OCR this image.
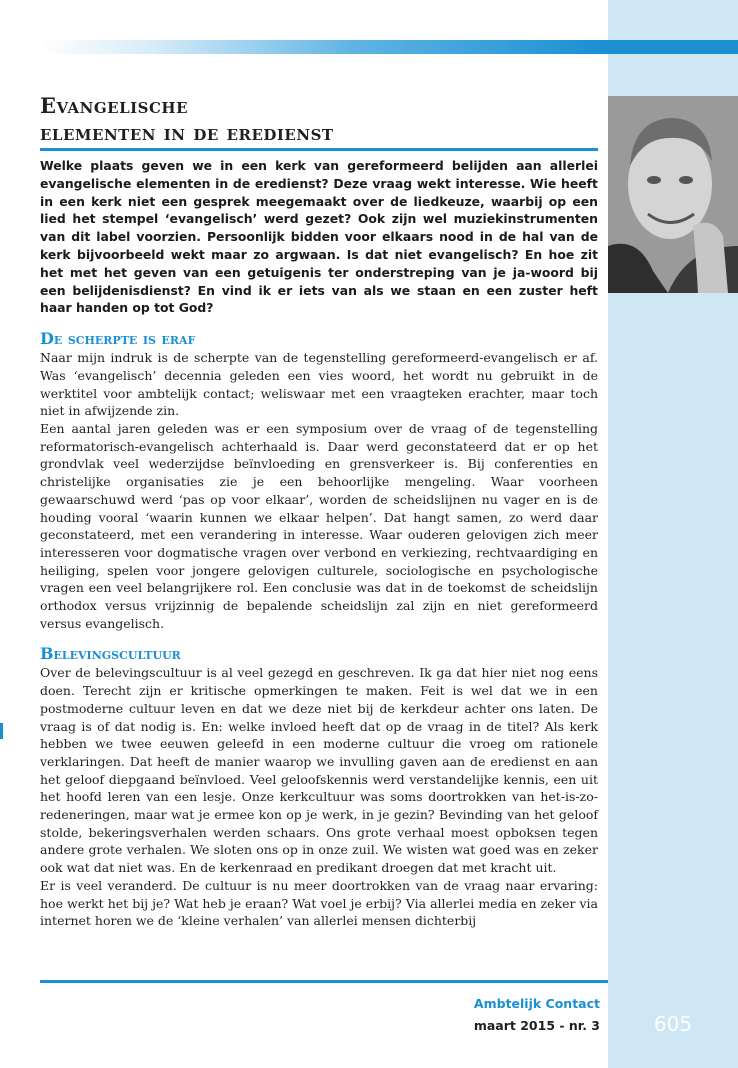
Evangelische
elementen in de eredienst

Welke plaats geven we in een kerk van gereformeerd belijden aan allerlei evangelische elementen in de eredienst? Deze vraag wekt interesse. Wie heeft in een kerk niet een gesprek meegemaakt over de liedkeuze, waarbij op een lied het stempel ‘evangelisch’ werd gezet? Ook zijn wel muziekinstrumenten van dit label voorzien. Persoonlijk bidden voor elkaars nood in de hal van de kerk bijvoorbeeld wekt maar zo argwaan. Is dat niet evangelisch? En hoe zit het met het geven van een getuigenis ter onderstreping van je ja-woord bij een belijdenisdienst? En vind ik er iets van als we staan en een zuster heft haar handen op tot God?

De scherpte is eraf

Naar mijn indruk is de scherpte van de tegenstelling gereformeerd-evangelisch er af. Was ‘evangelisch’ decennia geleden een vies woord, het wordt nu gebruikt in de werktitel voor ambtelijk contact; weliswaar met een vraagteken erachter, maar toch niet in afwijzende zin.

Een aantal jaren geleden was er een symposium over de vraag of de tegenstelling reformatorisch-evangelisch achterhaald is. Daar werd geconstateerd dat er op het grondvlak veel wederzijdse beïnvloeding en grensverkeer is. Bij conferenties en christelijke organisaties zie je een behoorlijke mengeling. Waar voorheen gewaarschuwd werd ‘pas op voor elkaar’, worden de scheidslijnen nu vager en is de houding vooral ‘waarin kunnen we elkaar helpen’. Dat hangt samen, zo werd daar geconstateerd, met een verandering in interesse. Waar ouderen gelovigen zich meer interesseren voor dogmatische vragen over verbond en verkiezing, rechtvaardiging en heiliging, spelen voor jongere gelovigen culturele, sociologische en psychologische vragen een veel belangrijkere rol. Een conclusie was dat in de toekomst de scheidslijn orthodox versus vrijzinnig de bepalende scheidslijn zal zijn en niet gereformeerd versus evangelisch.

Belevingscultuur

Over de belevingscultuur is al veel gezegd en geschreven. Ik ga dat hier niet nog eens doen. Terecht zijn er kritische opmerkingen te maken. Feit is wel dat we in een postmoderne cultuur leven en dat we deze niet bij de kerkdeur achter ons laten. De vraag is of dat nodig is. En: welke invloed heeft dat op de vraag in de titel? Als kerk hebben we twee eeuwen geleefd in een moderne cultuur die vroeg om rationele verklaringen. Dat heeft de manier waarop we invulling gaven aan de eredienst en aan het geloof diepgaand beïnvloed. Veel geloofskennis werd verstandelijke kennis, een uit het hoofd leren van een lesje. Onze kerkcultuur was soms doortrokken van het-is-zo-redeneringen, maar wat je ermee kon op je werk, in je gezin? Bevinding van het geloof stolde, bekeringsverhalen werden schaars. Ons grote verhaal moest opboksen tegen andere grote verhalen. We sloten ons op in onze zuil. We wisten wat goed was en zeker ook wat dat niet was. En de kerkenraad en predikant droegen dat met kracht uit.

Er is veel veranderd. De cultuur is nu meer doortrokken van de vraag naar ervaring: hoe werkt het bij je? Wat heb je eraan? Wat voel je erbij? Via allerlei media en zeker via internet horen we de ‘kleine verhalen’ van allerlei mensen dichterbij

Ambtelijk Contact
maart 2015 - nr. 3	605
